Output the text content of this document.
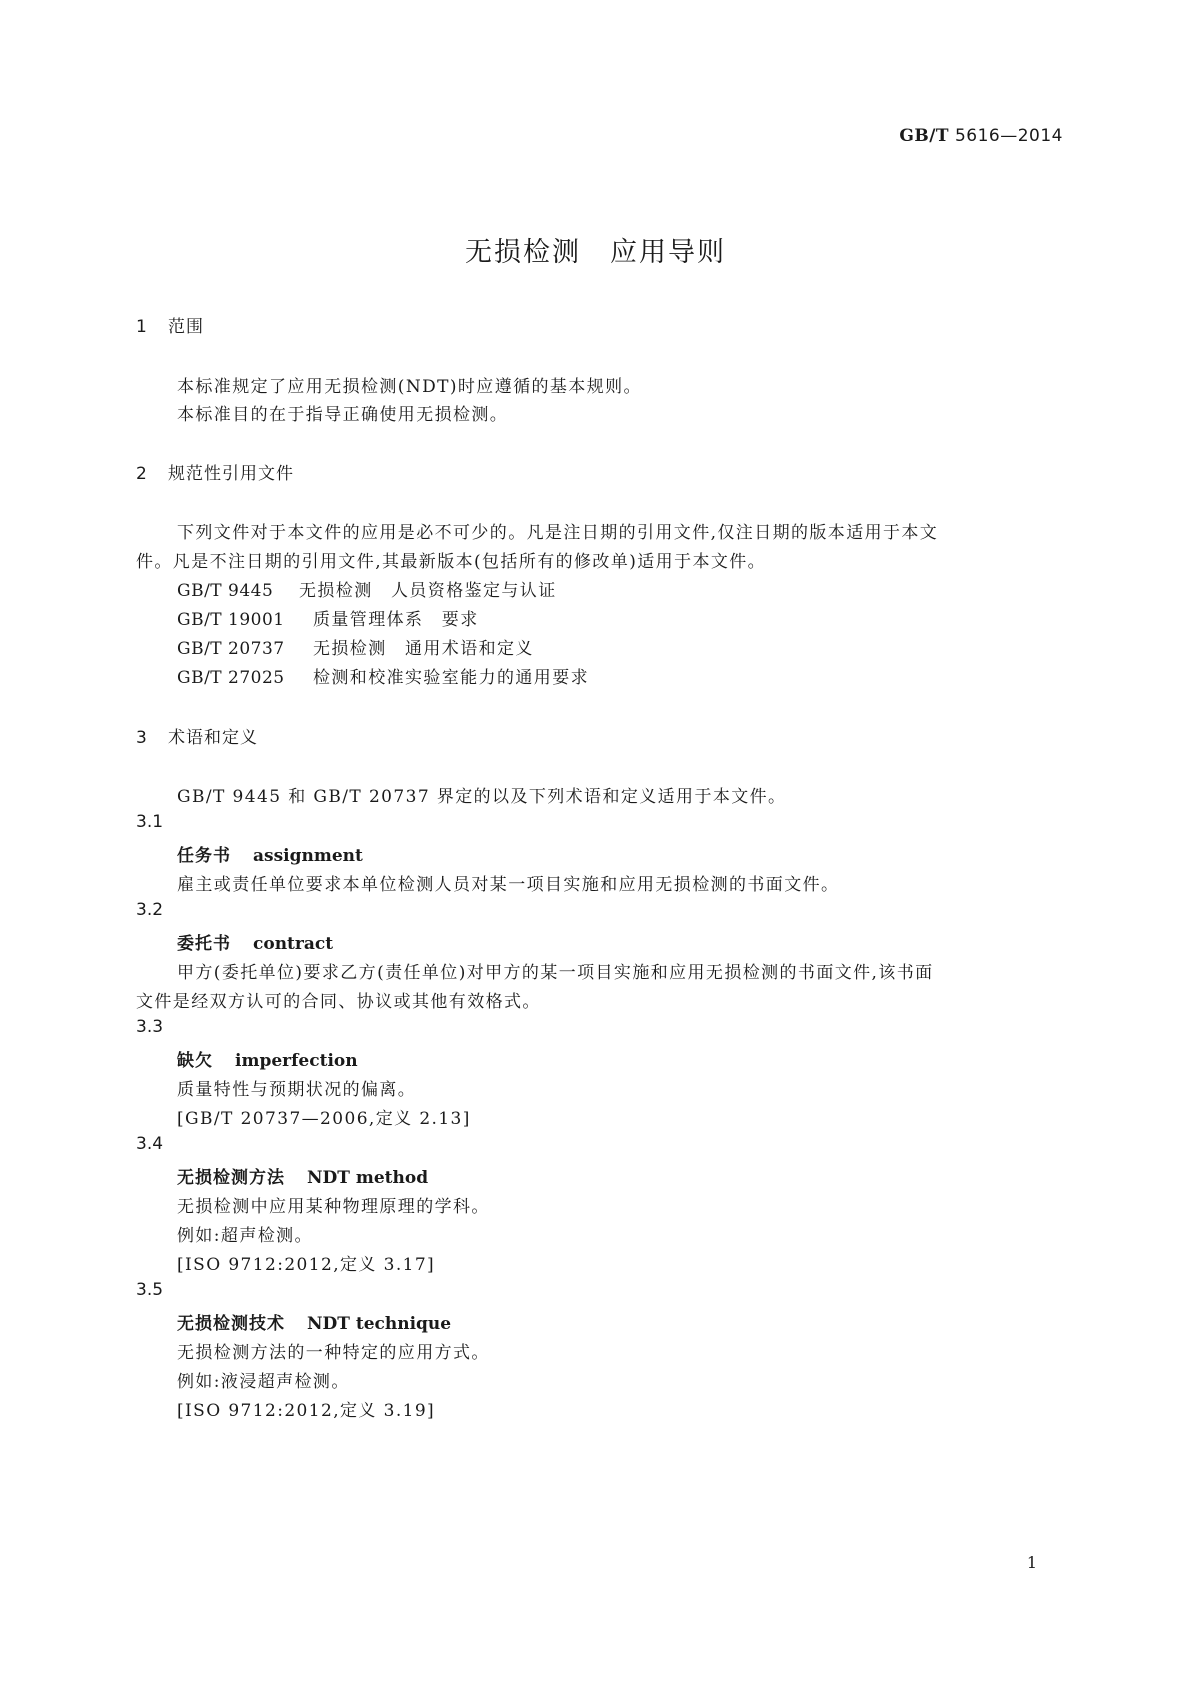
GB/T 5616—2014
无损检测　应用导则
1 范围
本标准规定了应用无损检测(NDT)时应遵循的基本规则。
本标准目的在于指导正确使用无损检测。
2 规范性引用文件
下列文件对于本文件的应用是必不可少的。凡是注日期的引用文件,仅注日期的版本适用于本文
件。凡是不注日期的引用文件,其最新版本(包括所有的修改单)适用于本文件。
GB/T 9445 无损检测　人员资格鉴定与认证
GB/T 19001 质量管理体系　要求
GB/T 20737 无损检测　通用术语和定义
GB/T 27025 检测和校准实验室能力的通用要求
3 术语和定义
GB/T 9445 和 GB/T 20737 界定的以及下列术语和定义适用于本文件。
3.1
任务书 assignment
雇主或责任单位要求本单位检测人员对某一项目实施和应用无损检测的书面文件。
3.2
委托书 contract
甲方(委托单位)要求乙方(责任单位)对甲方的某一项目实施和应用无损检测的书面文件,该书面
文件是经双方认可的合同、协议或其他有效格式。
3.3
缺欠 imperfection
质量特性与预期状况的偏离。
[GB/T 20737—2006,定义 2.13]
3.4
无损检测方法 NDT method
无损检测中应用某种物理原理的学科。
例如:超声检测。
[ISO 9712:2012,定义 3.17]
3.5
无损检测技术 NDT technique
无损检测方法的一种特定的应用方式。
例如:液浸超声检测。
[ISO 9712:2012,定义 3.19]
1
